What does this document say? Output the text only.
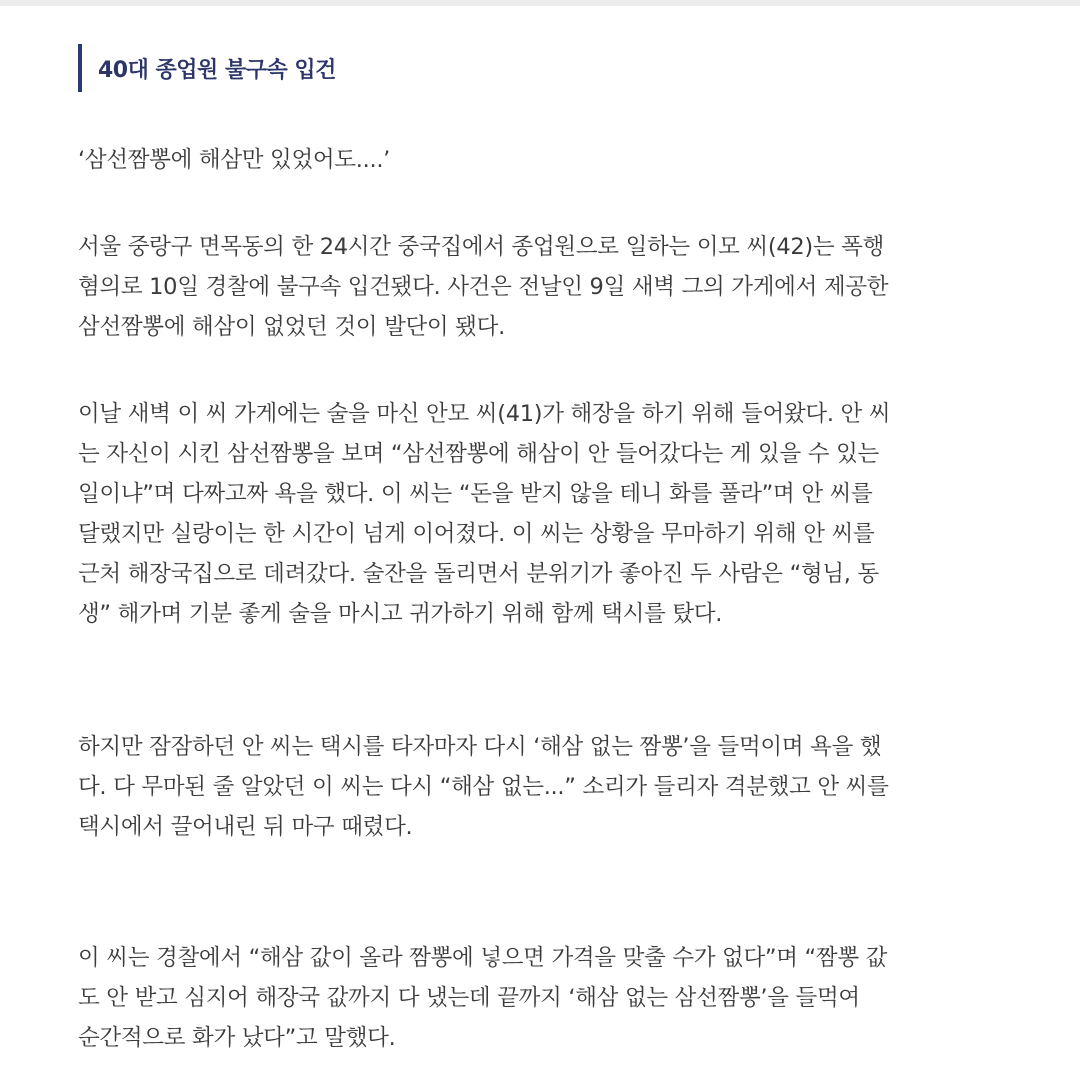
40대 종업원 불구속 입건

‘삼선짬뽕에 해삼만 있었어도....’

서울 중랑구 면목동의 한 24시간 중국집에서 종업원으로 일하는 이모 씨(42)는 폭행
혐의로 10일 경찰에 불구속 입건됐다. 사건은 전날인 9일 새벽 그의 가게에서 제공한
삼선짬뽕에 해삼이 없었던 것이 발단이 됐다.

이날 새벽 이 씨 가게에는 술을 마신 안모 씨(41)가 해장을 하기 위해 들어왔다. 안 씨
는 자신이 시킨 삼선짬뽕을 보며 “삼선짬뽕에 해삼이 안 들어갔다는 게 있을 수 있는
일이냐”며 다짜고짜 욕을 했다. 이 씨는 “돈을 받지 않을 테니 화를 풀라”며 안 씨를
달랬지만 실랑이는 한 시간이 넘게 이어졌다. 이 씨는 상황을 무마하기 위해 안 씨를
근처 해장국집으로 데려갔다. 술잔을 돌리면서 분위기가 좋아진 두 사람은 “형님, 동
생” 해가며 기분 좋게 술을 마시고 귀가하기 위해 함께 택시를 탔다.

하지만 잠잠하던 안 씨는 택시를 타자마자 다시 ‘해삼 없는 짬뽕’을 들먹이며 욕을 했
다. 다 무마된 줄 알았던 이 씨는 다시 “해삼 없는...” 소리가 들리자 격분했고 안 씨를
택시에서 끌어내린 뒤 마구 때렸다.

이 씨는 경찰에서 “해삼 값이 올라 짬뽕에 넣으면 가격을 맞출 수가 없다”며 “짬뽕 값
도 안 받고 심지어 해장국 값까지 다 냈는데 끝까지 ‘해삼 없는 삼선짬뽕’을 들먹여
순간적으로 화가 났다”고 말했다.
